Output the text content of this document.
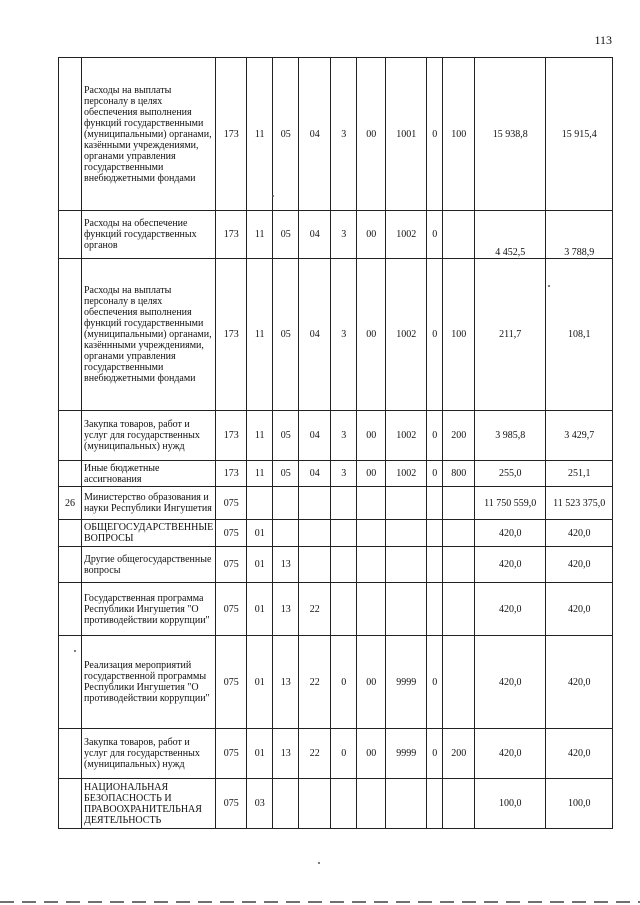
113
	Расходы на выплаты персоналу в целях обеспечения выполнения функций государственными (муниципальными) органами, казёнными учреждениями, органами управления государственными внебюджетными фондами	173	11	05	04	3	00	1001	0	100	15 938,8	15 915,4
	Расходы на обеспечение функций государственных органов	173	11	05	04	3	00	1002	0		4 452,5	3 788,9
	Расходы на выплаты персоналу в целях обеспечения выполнения функций государственными (муниципальными) органами, казённными учреждениями, органами управления государственными внебюджетными фондами	173	11	05	04	3	00	1002	0	100	211,7	108,1
	Закупка товаров, работ и услуг для государственных (муниципальных) нужд	173	11	05	04	3	00	1002	0	200	3 985,8	3 429,7
	Иные бюджетные ассигнования	173	11	05	04	3	00	1002	0	800	255,0	251,1
26	Министерство образования и науки Республики Ингушетия	075									11 750 559,0	11 523 375,0
	ОБЩЕГОСУДАРСТВЕННЫЕ ВОПРОСЫ	075	01								420,0	420,0
	Другие общегосударственные вопросы	075	01	13							420,0	420,0
	Государственная программа Республики Ингушетия "О противодействии коррупции"	075	01	13	22						420,0	420,0
	Реализация мероприятий государственной программы Республики Ингушетия "О противодействии коррупции"	075	01	13	22	0	00	9999	0		420,0	420,0
	Закупка товаров, работ и услуг для государственных (муниципальных) нужд	075	01	13	22	0	00	9999	0	200	420,0	420,0
	НАЦИОНАЛЬНАЯ БЕЗОПАСНОСТЬ И ПРАВООХРАНИТЕЛЬНАЯ ДЕЯТЕЛЬНОСТЬ	075	03								100,0	100,0
